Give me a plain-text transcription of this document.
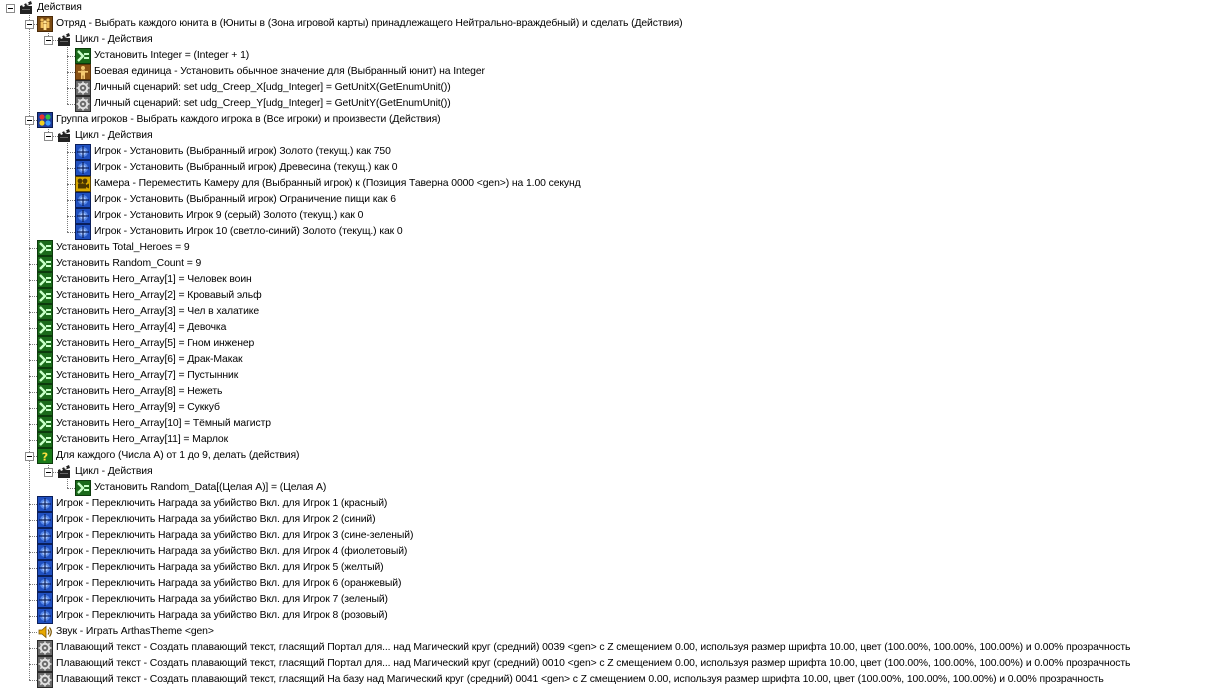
Действия
Отряд - Выбрать каждого юнита в (Юниты в (Зона игровой карты) принадлежащего Нейтрально-враждебный) и сделать (Действия)
Цикл - Действия
Установить Integer = (Integer + 1)
Боевая единица - Установить обычное значение для (Выбранный юнит) на Integer
Личный сценарий: set udg_Creep_X[udg_Integer] = GetUnitX(GetEnumUnit())
Личный сценарий: set udg_Creep_Y[udg_Integer] = GetUnitY(GetEnumUnit())
Группа игроков - Выбрать каждого игрока в (Все игроки) и произвести (Действия)
Цикл - Действия
Игрок - Установить (Выбранный игрок) Золото (текущ.) как 750
Игрок - Установить (Выбранный игрок) Древесина (текущ.) как 0
Камера - Переместить Камеру для (Выбранный игрок) к (Позиция Таверна 0000 <gen>) на 1.00 секунд
Игрок - Установить (Выбранный игрок) Ограничение пищи как 6
Игрок - Установить Игрок 9 (серый) Золото (текущ.) как 0
Игрок - Установить Игрок 10 (светло-синий) Золото (текущ.) как 0
Установить Total_Heroes = 9
Установить Random_Count = 9
Установить Hero_Array[1] = Человек воин
Установить Hero_Array[2] = Кровавый эльф
Установить Hero_Array[3] = Чел в халатике
Установить Hero_Array[4] = Девочка
Установить Hero_Array[5] = Гном инженер
Установить Hero_Array[6] = Драк-Макак
Установить Hero_Array[7] = Пустынник
Установить Hero_Array[8] = Нежеть
Установить Hero_Array[9] = Суккуб
Установить Hero_Array[10] = Тёмный магистр
Установить Hero_Array[11] = Марлок
? Для каждого (Числа A) от 1 до 9, делать (действия)
Цикл - Действия
Установить Random_Data[(Целая A)] = (Целая A)
Игрок - Переключить Награда за убийство Вкл. для Игрок 1 (красный)
Игрок - Переключить Награда за убийство Вкл. для Игрок 2 (синий)
Игрок - Переключить Награда за убийство Вкл. для Игрок 3 (сине-зеленый)
Игрок - Переключить Награда за убийство Вкл. для Игрок 4 (фиолетовый)
Игрок - Переключить Награда за убийство Вкл. для Игрок 5 (желтый)
Игрок - Переключить Награда за убийство Вкл. для Игрок 6 (оранжевый)
Игрок - Переключить Награда за убийство Вкл. для Игрок 7 (зеленый)
Игрок - Переключить Награда за убийство Вкл. для Игрок 8 (розовый)
Звук - Играть ArthasTheme <gen>
Плавающий текст - Создать плавающий текст, гласящий Портал для... над Магический круг (средний) 0039 <gen> с Z смещением 0.00, используя размер шрифта 10.00, цвет (100.00%, 100.00%, 100.00%) и 0.00% прозрачность
Плавающий текст - Создать плавающий текст, гласящий Портал для... над Магический круг (средний) 0010 <gen> с Z смещением 0.00, используя размер шрифта 10.00, цвет (100.00%, 100.00%, 100.00%) и 0.00% прозрачность
Плавающий текст - Создать плавающий текст, гласящий На базу над Магический круг (средний) 0041 <gen> с Z смещением 0.00, используя размер шрифта 10.00, цвет (100.00%, 100.00%, 100.00%) и 0.00% прозрачность
